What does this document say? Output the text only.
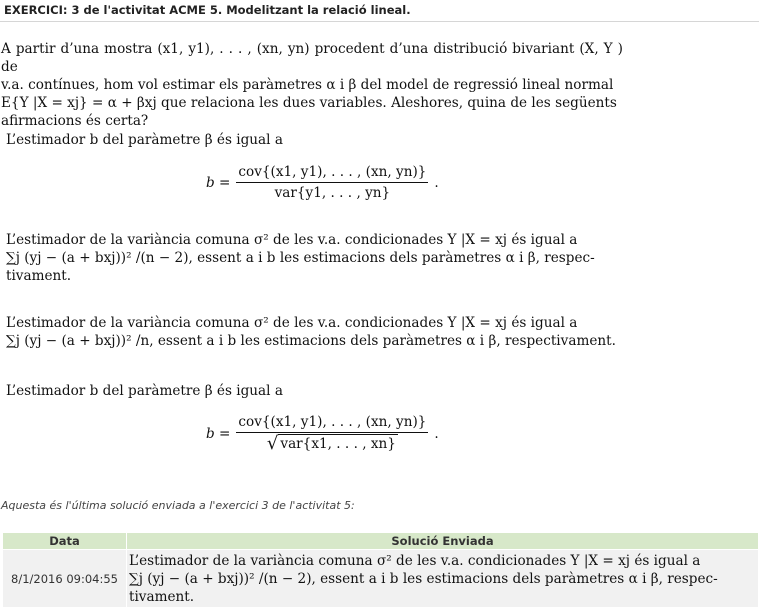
EXERCICI: 3 de l'activitat ACME 5. Modelitzant la relació lineal.
A partir d’una mostra (x1, y1), . . . , (xn, yn) procedent d’una distribució bivariant (X, Y ) de
v.a. contínues, hom vol estimar els paràmetres α i β del model de regressió lineal normal
E{Y |X = xj} = α + βxj que relaciona les dues variables. Aleshores, quina de les següents
afirmacions és certa?
L’estimador b del paràmetre β és igual a
$b = \frac{\text{cov\{(x1, y1), . . . , (xn, yn)\}}}{\text{var\{y1, . . . , yn\}}}$ .
L’estimador de la variància comuna σ² de les v.a. condicionades Y |X = xj és igual a
∑j (yj − (a + bxj))² /(n − 2), essent a i b les estimacions dels paràmetres α i β, respec-
tivament.
L’estimador de la variància comuna σ² de les v.a. condicionades Y |X = xj és igual a
∑j (yj − (a + bxj))² /n, essent a i b les estimacions dels paràmetres α i β, respectivament.
L’estimador b del paràmetre β és igual a
$b = \frac{\text{cov\{(x1, y1), . . . , (xn, yn)\}}}{\text{√ var\{x1, . . . , xn\}}}$ .
Aquesta és l'última solució enviada a l'exercici 3 de l'activitat 5:
Data	Solució Enviada
8/1/2016 09:04:55	L’estimador de la variància comuna σ² de les v.a. condicionades Y |X = xj és igual a
∑j (yj − (a + bxj))² /(n − 2), essent a i b les estimacions dels paràmetres α i β, respec-
tivament.
